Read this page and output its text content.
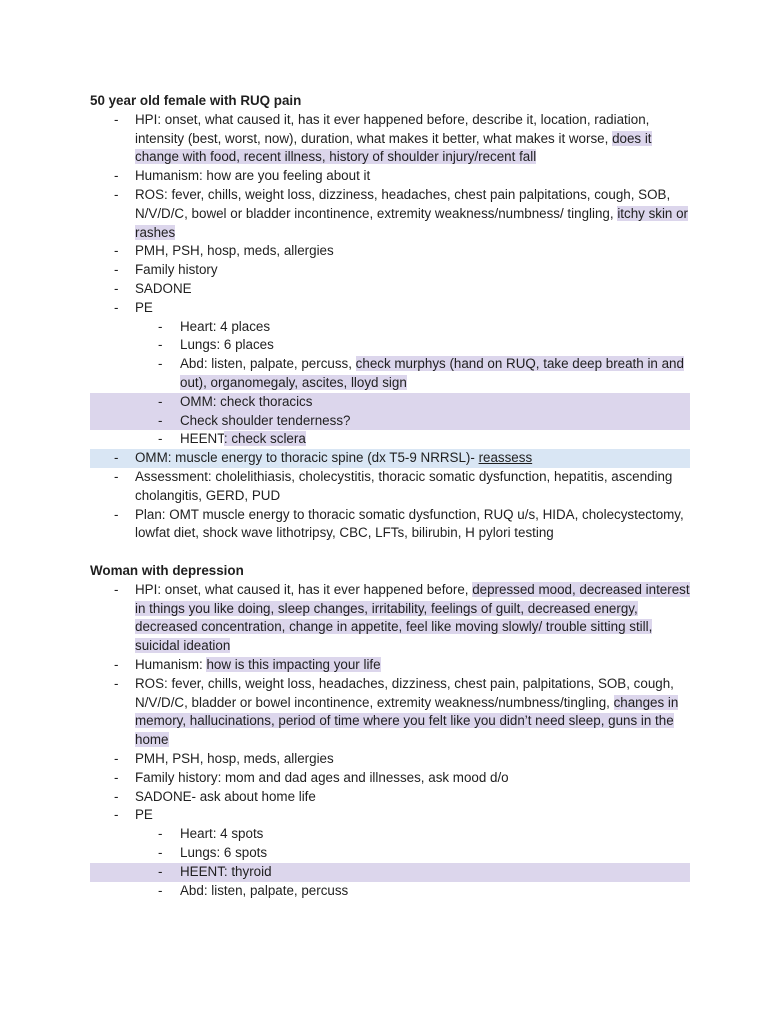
50 year old female with RUQ pain

- HPI: onset, what caused it, has it ever happened before, describe it, location, radiation, intensity (best, worst, now), duration, what makes it better, what makes it worse, does it change with food, recent illness, history of shoulder injury/recent fall
- Humanism: how are you feeling about it
- ROS: fever, chills, weight loss, dizziness, headaches, chest pain palpitations, cough, SOB, N/V/D/C, bowel or bladder incontinence, extremity weakness/numbness/ tingling, itchy skin or rashes
- PMH, PSH, hosp, meds, allergies
- Family history
- SADONE
- PE
- Heart: 4 places
- Lungs: 6 places
- Abd: listen, palpate, percuss, check murphys (hand on RUQ, take deep breath in and out), organomegaly, ascites, lloyd sign
- OMM: check thoracics
- Check shoulder tenderness?
- HEENT: check sclera
- OMM: muscle energy to thoracic spine (dx T5-9 NRRSL)- reassess
- Assessment: cholelithiasis, cholecystitis, thoracic somatic dysfunction, hepatitis, ascending cholangitis, GERD, PUD
- Plan: OMT muscle energy to thoracic somatic dysfunction, RUQ u/s, HIDA, cholecystectomy, lowfat diet, shock wave lithotripsy, CBC, LFTs, bilirubin, H pylori testing

Woman with depression

- HPI: onset, what caused it, has it ever happened before, depressed mood, decreased interest in things you like doing, sleep changes, irritability, feelings of guilt, decreased energy, decreased concentration, change in appetite, feel like moving slowly/ trouble sitting still, suicidal ideation
- Humanism: how is this impacting your life
- ROS: fever, chills, weight loss, headaches, dizziness, chest pain, palpitations, SOB, cough, N/V/D/C, bladder or bowel incontinence, extremity weakness/numbness/tingling, changes in memory, hallucinations, period of time where you felt like you didn’t need sleep, guns in the home
- PMH, PSH, hosp, meds, allergies
- Family history: mom and dad ages and illnesses, ask mood d/o
- SADONE- ask about home life
- PE
- Heart: 4 spots
- Lungs: 6 spots
- HEENT: thyroid
- Abd: listen, palpate, percuss
